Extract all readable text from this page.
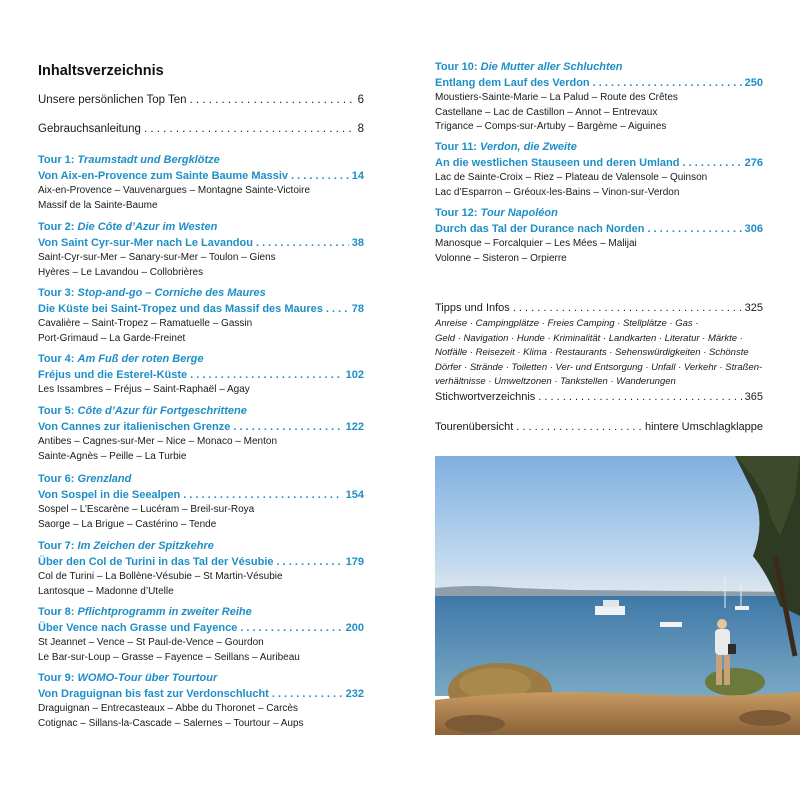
Inhaltsverzeichnis
Unsere persönlichen Top Ten . . .	6
Gebrauchsanleitung . . .	8
Tour 1: Traumstadt und Bergklötze
Von Aix-en-Provence zum Sainte Baume Massiv . . .	14
Aix-en-Provence – Vauvenargues – Montagne Sainte-Victoire
Massif de la Sainte-Baume
Tour 2: Die Côte d’Azur im Westen
Von Saint Cyr-sur-Mer nach Le Lavandou . . .	38
Saint-Cyr-sur-Mer – Sanary-sur-Mer – Toulon – Giens
Hyères – Le Lavandou – Collobrières
Tour 3: Stop-and-go – Corniche des Maures
Die Küste bei Saint-Tropez und das Massif des Maures . . .	78
Cavalière – Saint-Tropez – Ramatuelle – Gassin
Port-Grimaud – La Garde-Freinet
Tour 4: Am Fuß der roten Berge
Fréjus und die Esterel-Küste . . .	102
Les Issambres – Fréjus – Saint-Raphaël – Agay
Tour 5: Côte d’Azur für Fortgeschrittene
Von Cannes zur italienischen Grenze . . .	122
Antibes – Cagnes-sur-Mer – Nice – Monaco – Menton
Sainte-Agnès – Peille – La Turbie
Tour 6: Grenzland
Von Sospel in die Seealpen . . .	154
Sospel – L’Escarène – Lucéram – Breil-sur-Roya
Saorge – La Brigue – Castérino – Tende
Tour 7: Im Zeichen der Spitzkehre
Über den Col de Turini in das Tal der Vésubie . . .	179
Col de Turini – La Bollène-Vésubie – St Martin-Vésubie
Lantosque – Madonne d’Utelle
Tour 8: Pflichtprogramm in zweiter Reihe
Über Vence nach Grasse und Fayence . . .	200
St Jeannet – Vence – St Paul-de-Vence – Gourdon
Le Bar-sur-Loup – Grasse – Fayence – Seillans – Auribeau
Tour 9: WOMO-Tour über Tourtour
Von Draguignan bis fast zur Verdonschlucht . . .	232
Draguignan – Entrecasteaux – Abbe du Thoronet – Carcès
Cotignac – Sillans-la-Cascade – Salernes – Tourtour – Aups
Tour 10: Die Mutter aller Schluchten
Entlang dem Lauf des Verdon . . .	250
Moustiers-Sainte-Marie – La Palud – Route des Crêtes
Castellane – Lac de Castillon – Annot – Entrevaux
Trigance – Comps-sur-Artuby – Bargème – Aiguines
Tour 11: Verdon, die Zweite
An die westlichen Stauseen und deren Umland . . .	276
Lac de Sainte-Croix – Riez – Plateau de Valensole – Quinson
Lac d’Esparron – Gréoux-les-Bains – Vinon-sur-Verdon
Tour 12: Tour Napoléon
Durch das Tal der Durance nach Norden . . .	306
Manosque – Forcalquier – Les Mées – Malijai
Volonne – Sisteron – Orpierre
Tipps und Infos . . .	325
Anreise · Campingplätze · Freies Camping · Stellplätze · Gas ·
Geld · Navigation · Hunde · Kriminalität · Landkarten · Literatur · Märkte ·
Notfälle · Reisezeit · Klima · Restaurants · Sehenswürdigkeiten · Schönste
Dörfer · Strände · Toiletten · Ver- und Entsorgung · Unfall · Verkehr · Straßen-
verhältnisse · Umweltzonen · Tankstellen · Wanderungen
Stichwortverzeichnis . . .	365
Tourenübersicht . . .	hintere Umschlagklappe
